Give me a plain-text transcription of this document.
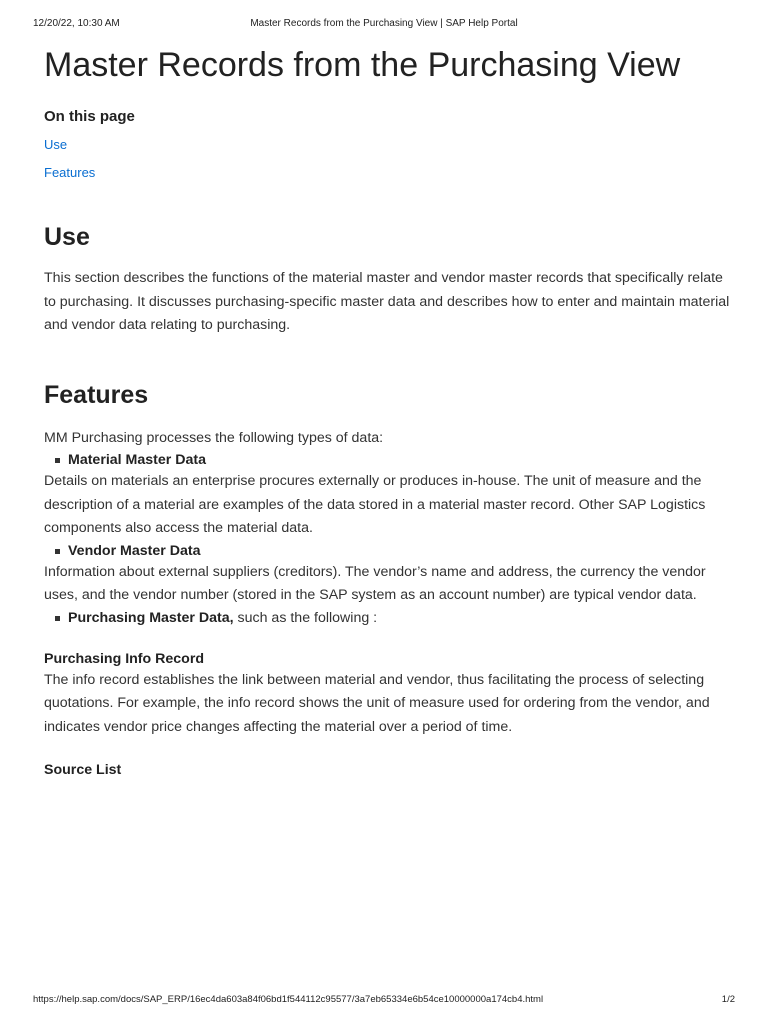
12/20/22, 10:30 AM	Master Records from the Purchasing View | SAP Help Portal
Master Records from the Purchasing View
On this page
Use
Features
Use

This section describes the functions of the material master and vendor master records that specifically relate to purchasing. It discusses purchasing-specific master data and describes how to enter and maintain material and vendor data relating to purchasing.

Features

MM Purchasing processes the following types of data:

Material Master Data

Details on materials an enterprise procures externally or produces in-house. The unit of measure and the description of a material are examples of the data stored in a material master record. Other SAP Logistics components also access the material data.

Vendor Master Data

Information about external suppliers (creditors). The vendor’s name and address, the currency the vendor uses, and the vendor number (stored in the SAP system as an account number) are typical vendor data.

Purchasing Master Data, such as the following :
Purchasing Info Record

The info record establishes the link between material and vendor, thus facilitating the process of selecting quotations. For example, the info record shows the unit of measure used for ordering from the vendor, and indicates vendor price changes affecting the material over a period of time.

Source List
https://help.sap.com/docs/SAP_ERP/16ec4da603a84f06bd1f544112c95577/3a7eb65334e6b54ce10000000a174cb4.html	1/2
